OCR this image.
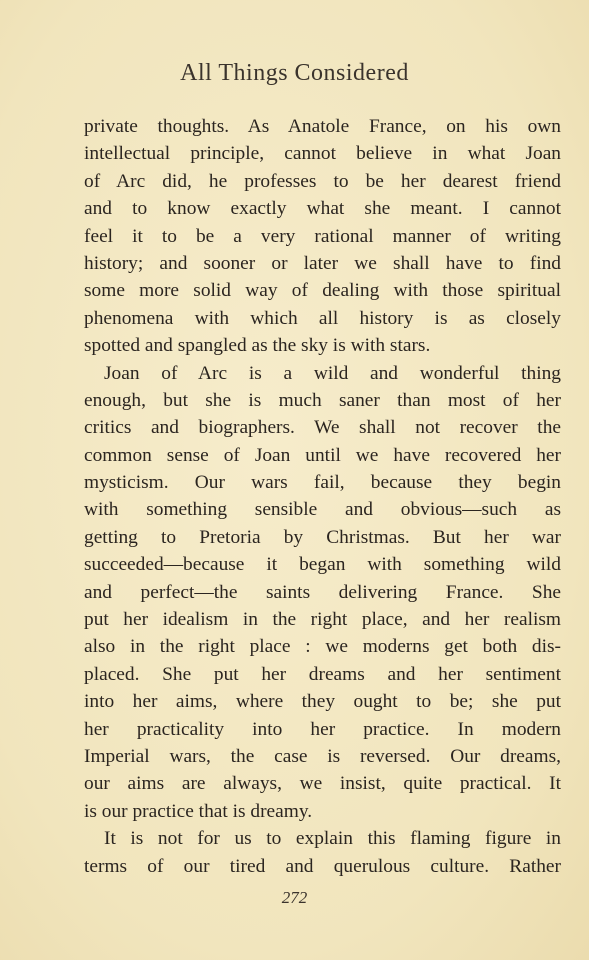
All Things Considered
private thoughts. As Anatole France, on his own
intellectual principle, cannot believe in what Joan
of Arc did, he professes to be her dearest friend
and to know exactly what she meant. I cannot
feel it to be a very rational manner of writing
history; and sooner or later we shall have to find
some more solid way of dealing with those spiritual
phenomena with which all history is as closely
spotted and spangled as the sky is with stars.
Joan of Arc is a wild and wonderful thing
enough, but she is much saner than most of her
critics and biographers. We shall not recover the
common sense of Joan until we have recovered her
mysticism. Our wars fail, because they begin
with something sensible and obvious—such as
getting to Pretoria by Christmas. But her war
succeeded—because it began with something wild
and perfect—the saints delivering France. She
put her idealism in the right place, and her realism
also in the right place : we moderns get both dis-
placed. She put her dreams and her sentiment
into her aims, where they ought to be; she put
her practicality into her practice. In modern
Imperial wars, the case is reversed. Our dreams,
our aims are always, we insist, quite practical. It
is our practice that is dreamy.
It is not for us to explain this flaming figure in
terms of our tired and querulous culture. Rather
272
